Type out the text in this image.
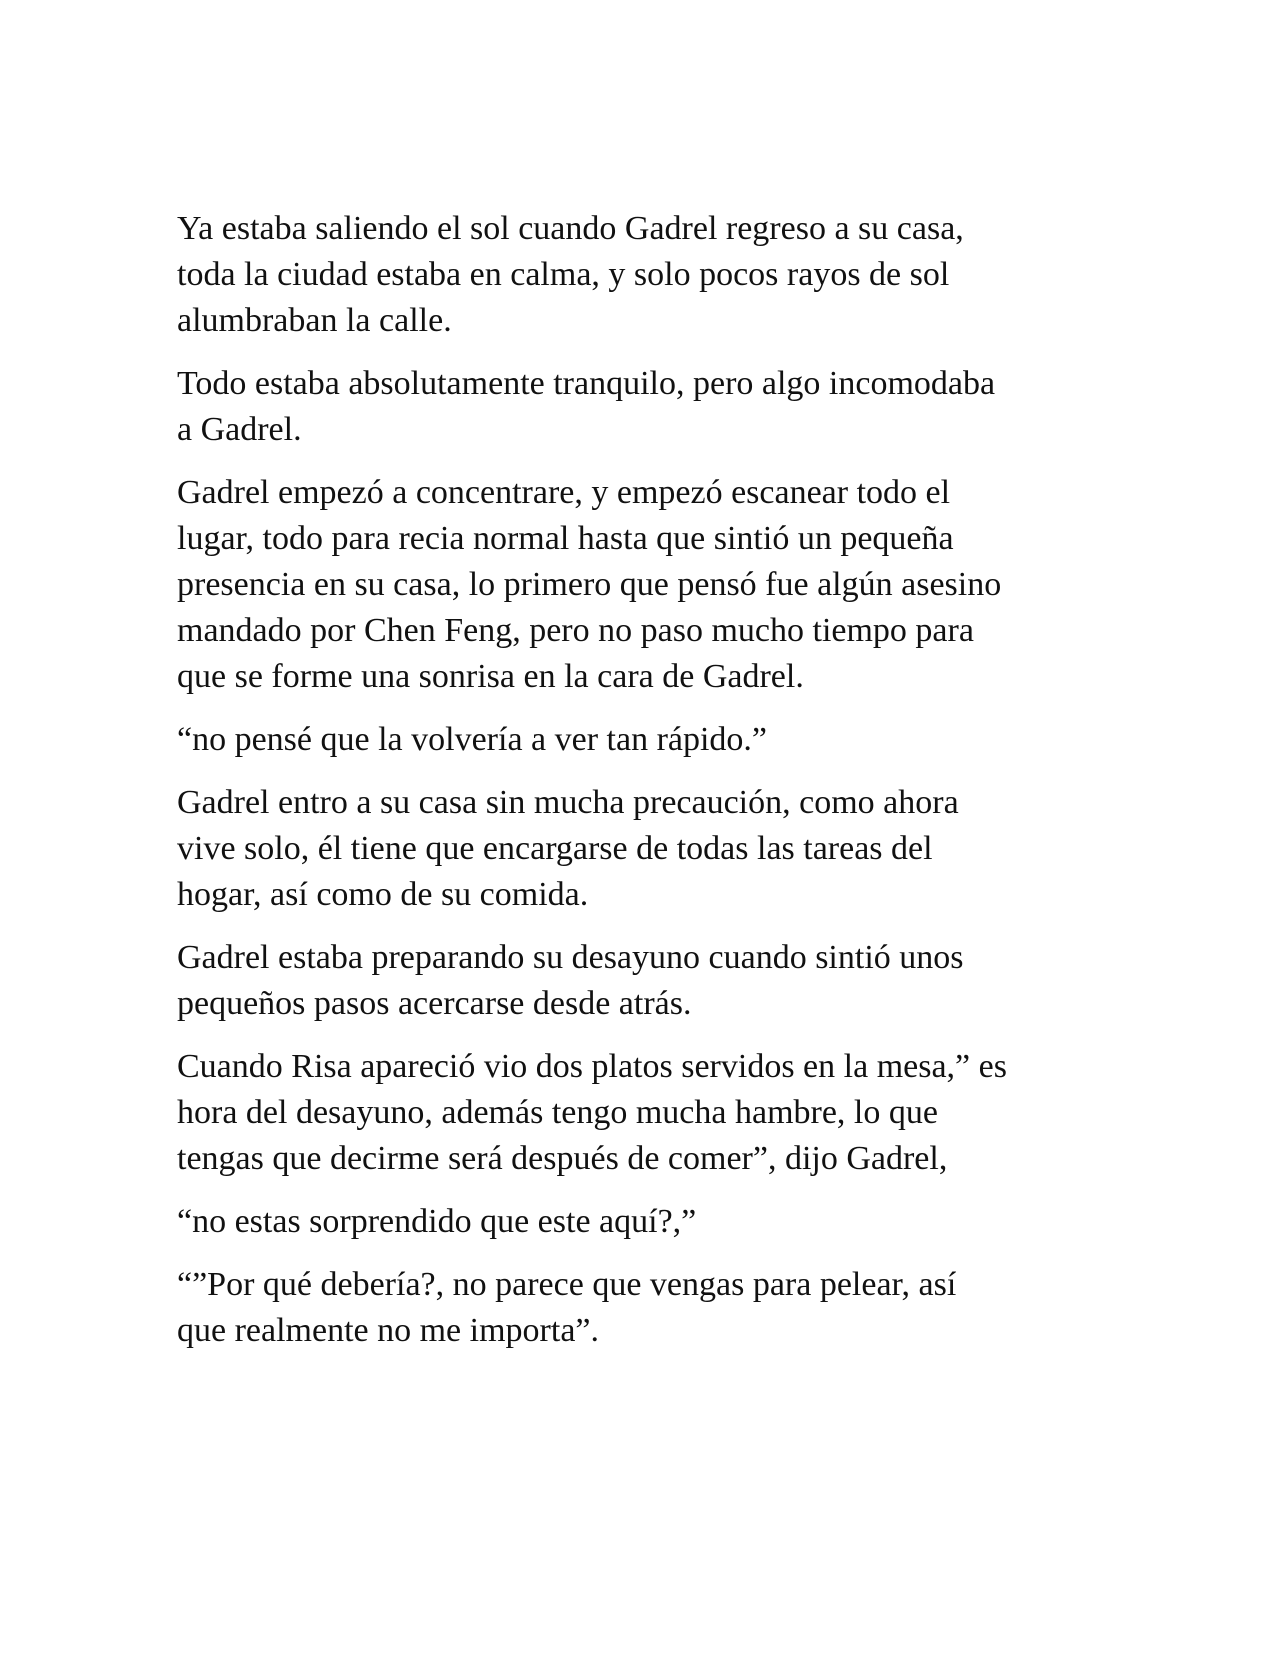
Ya estaba saliendo el sol cuando Gadrel regreso a su casa,
toda la ciudad estaba en calma, y solo pocos rayos de sol
alumbraban la calle.

Todo estaba absolutamente tranquilo, pero algo incomodaba
a Gadrel.

Gadrel empezó a concentrare, y empezó escanear todo el
lugar, todo para recia normal hasta que sintió un pequeña
presencia en su casa, lo primero que pensó fue algún asesino
mandado por Chen Feng, pero no paso mucho tiempo para
que se forme una sonrisa en la cara de Gadrel.

“no pensé que la volvería a ver tan rápido.”

Gadrel entro a su casa sin mucha precaución, como ahora
vive solo, él tiene que encargarse de todas las tareas del
hogar, así como de su comida.

Gadrel estaba preparando su desayuno cuando sintió unos
pequeños pasos acercarse desde atrás.

Cuando Risa apareció vio dos platos servidos en la mesa,” es
hora del desayuno, además tengo mucha hambre, lo que
tengas que decirme será después de comer”, dijo Gadrel,

“no estas sorprendido que este aquí?,”

“”Por qué debería?, no parece que vengas para pelear, así
que realmente no me importa”.
